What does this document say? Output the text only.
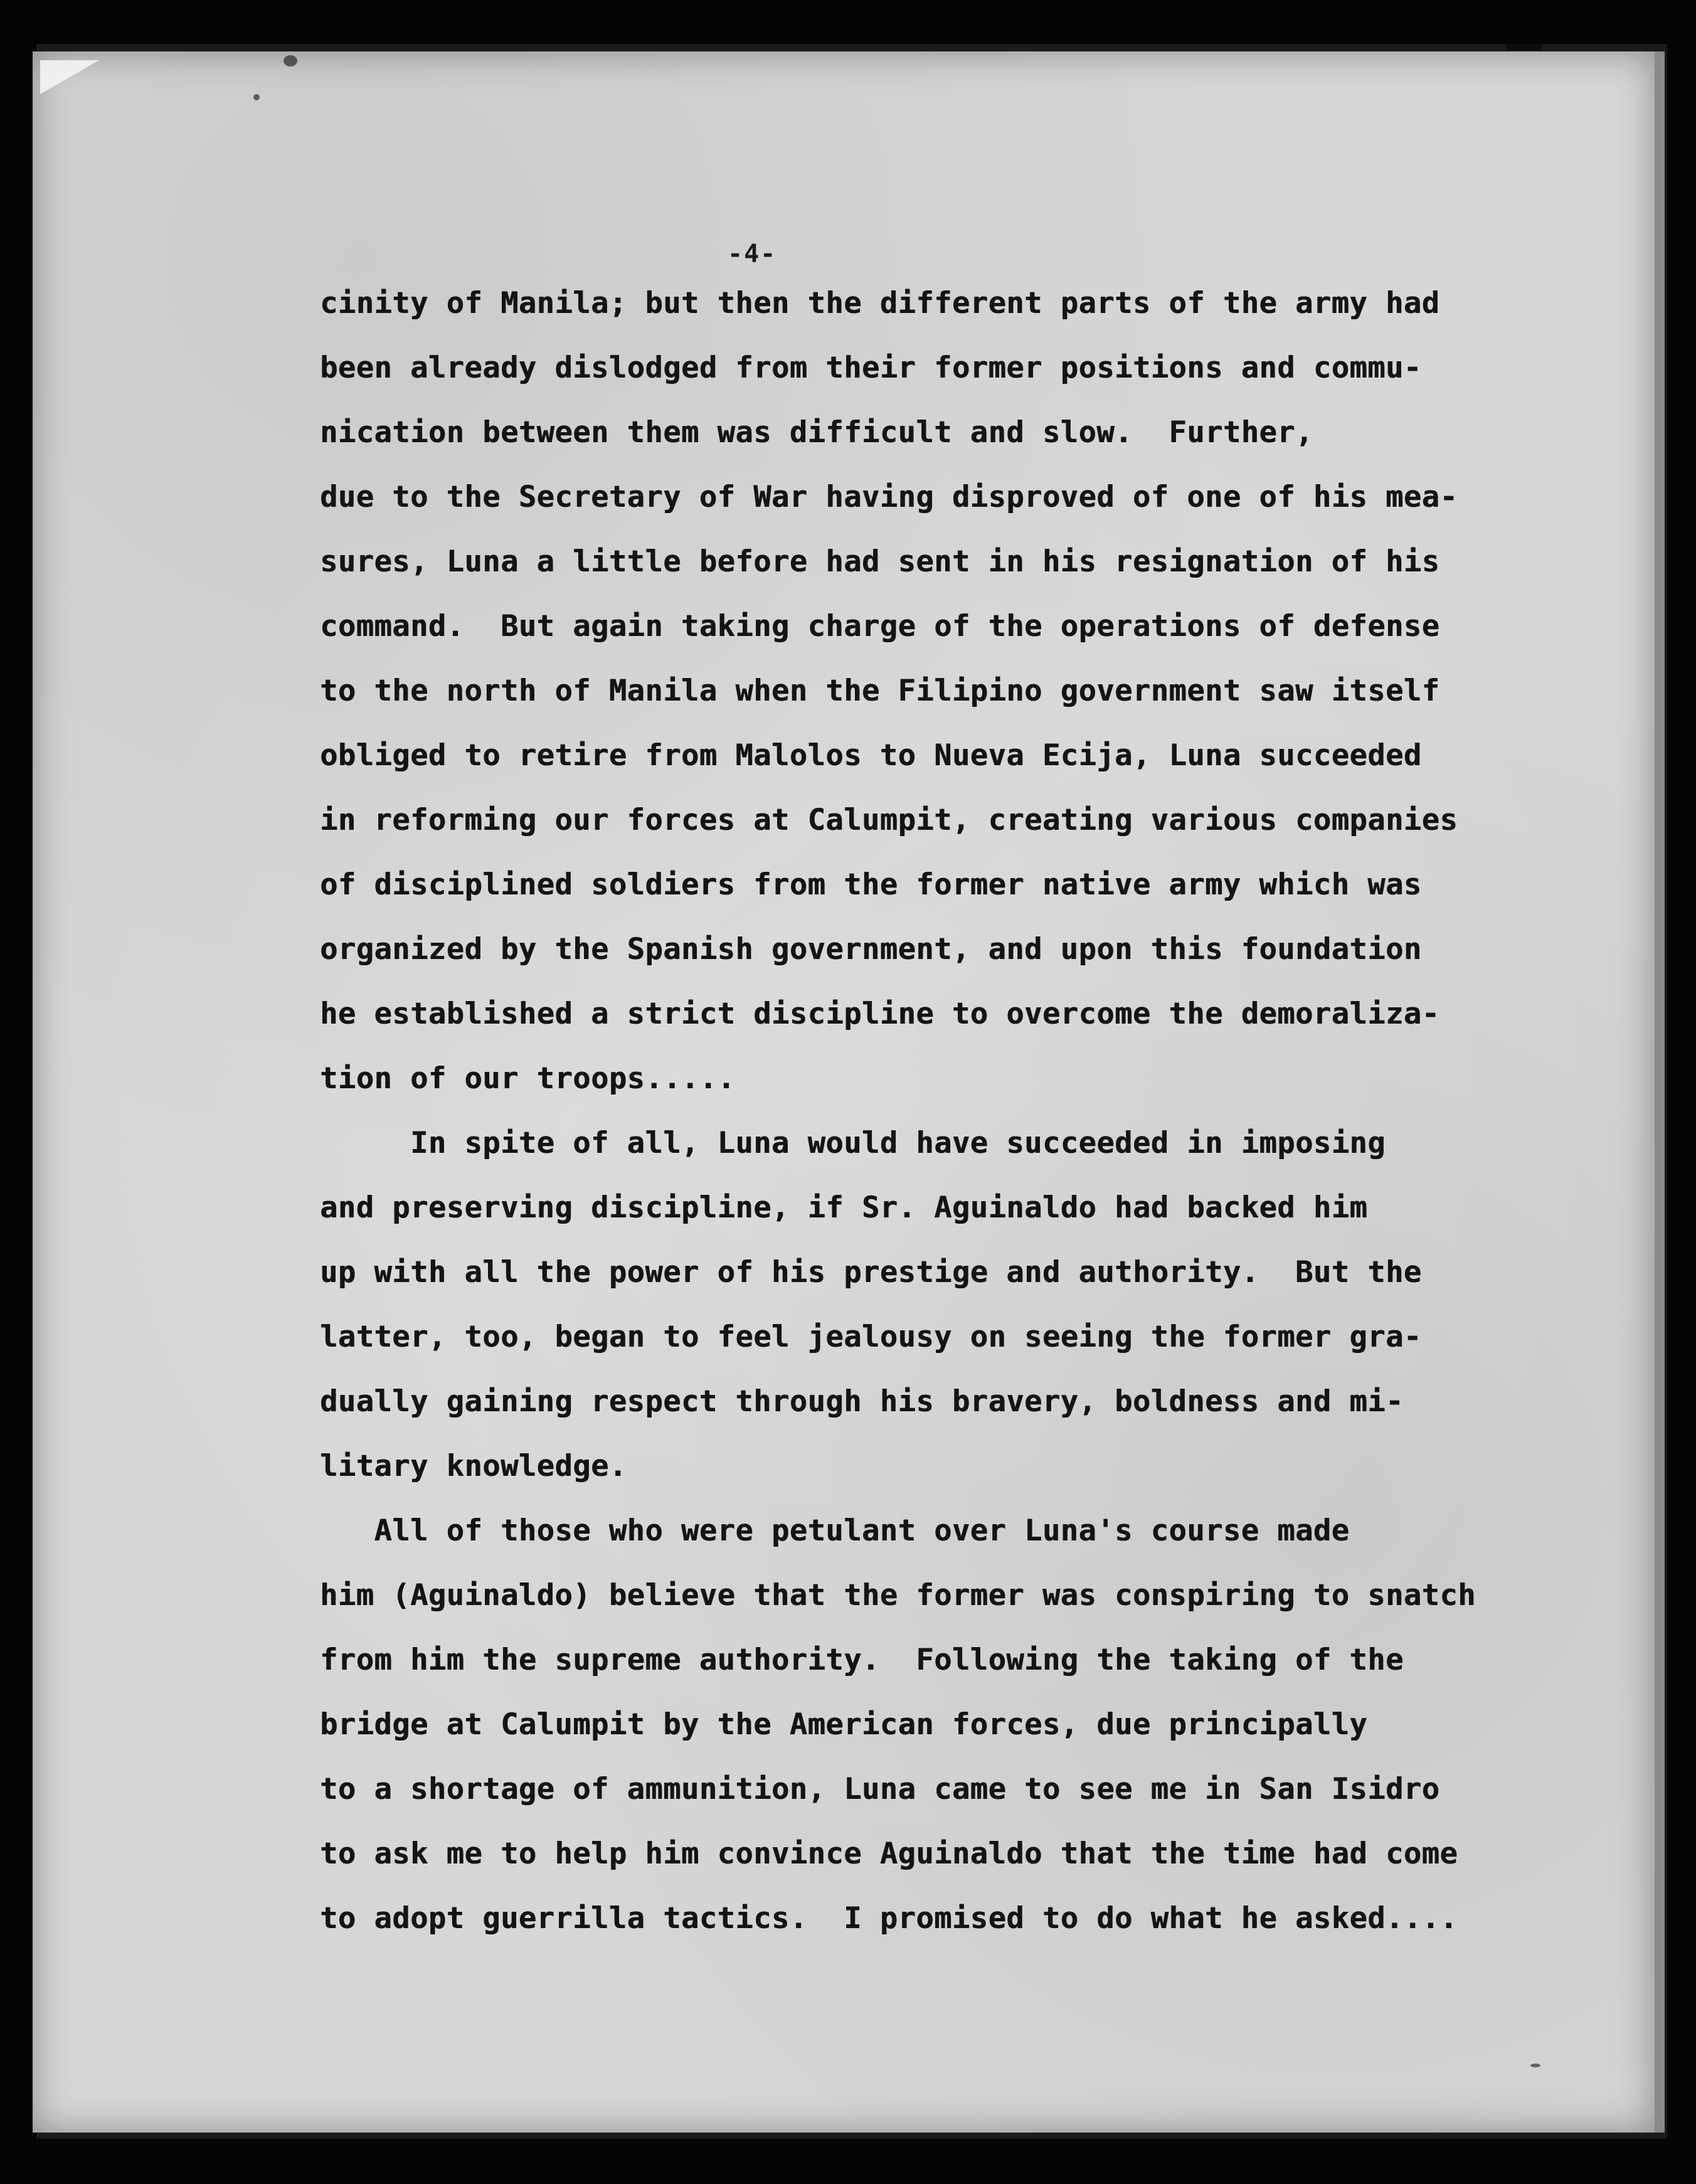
-4-
cinity of Manila; but then the different parts of the army had
been already dislodged from their former positions and commu-
nication between them was difficult and slow.  Further,
due to the Secretary of War having disproved of one of his mea-
sures, Luna a little before had sent in his resignation of his
command.  But again taking charge of the operations of defense
to the north of Manila when the Filipino government saw itself
obliged to retire from Malolos to Nueva Ecija, Luna succeeded
in reforming our forces at Calumpit, creating various companies
of disciplined soldiers from the former native army which was
organized by the Spanish government, and upon this foundation
he established a strict discipline to overcome the demoraliza-
tion of our troops.....
In spite of all, Luna would have succeeded in imposing
and preserving discipline, if Sr. Aguinaldo had backed him
up with all the power of his prestige and authority.  But the
latter, too, began to feel jealousy on seeing the former gra-
dually gaining respect through his bravery, boldness and mi-
litary knowledge.
All of those who were petulant over Luna's course made
him (Aguinaldo) believe that the former was conspiring to snatch
from him the supreme authority.  Following the taking of the
bridge at Calumpit by the American forces, due principally
to a shortage of ammunition, Luna came to see me in San Isidro
to ask me to help him convince Aguinaldo that the time had come
to adopt guerrilla tactics.  I promised to do what he asked....
